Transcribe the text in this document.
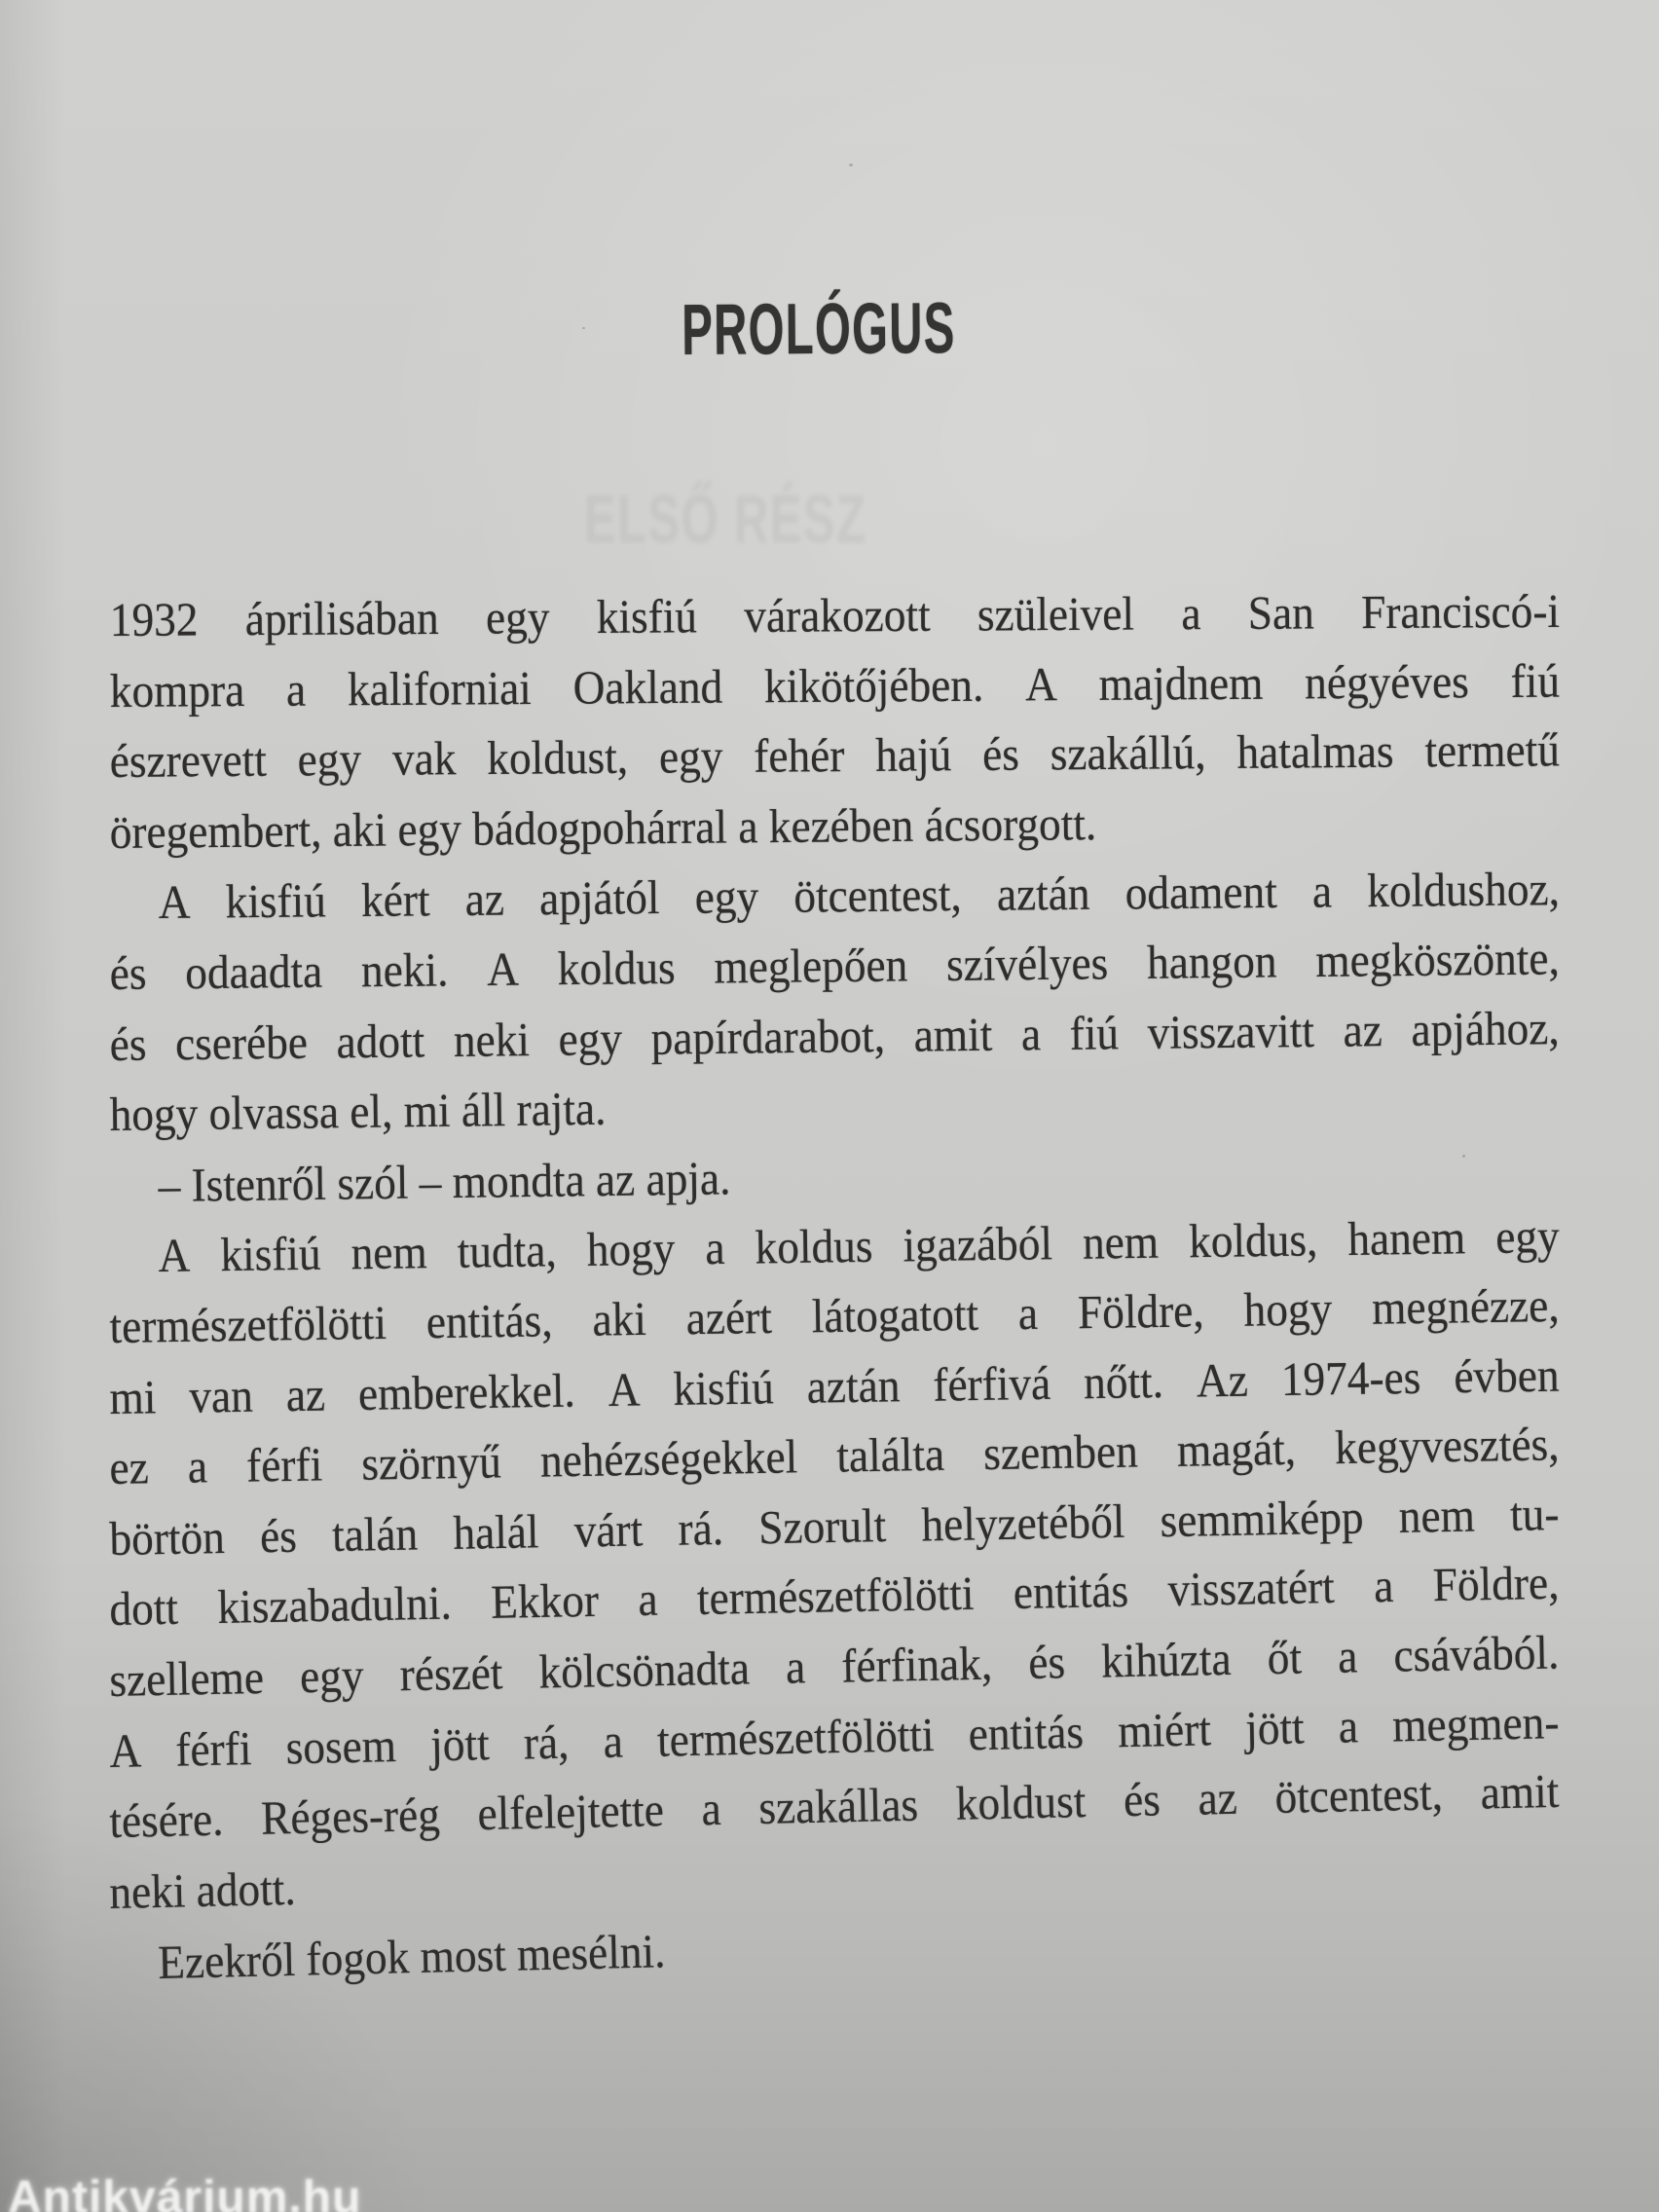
PROLÓGUS
ELSŐ RÉSZ
1932 áprilisában egy kisfiú várakozott szüleivel a San Franciscó-i
kompra a kaliforniai Oakland kikötőjében. A majdnem négyéves fiú
észrevett egy vak koldust, egy fehér hajú és szakállú, hatalmas termetű
öregembert, aki egy bádogpohárral a kezében ácsorgott.
A kisfiú kért az apjától egy ötcentest, aztán odament a koldushoz,
és odaadta neki. A koldus meglepően szívélyes hangon megköszönte,
és cserébe adott neki egy papírdarabot, amit a fiú visszavitt az apjához,
hogy olvassa el, mi áll rajta.
– Istenről szól – mondta az apja.
A kisfiú nem tudta, hogy a koldus igazából nem koldus, hanem egy
természetfölötti entitás, aki azért látogatott a Földre, hogy megnézze,
mi van az emberekkel. A kisfiú aztán férfivá nőtt. Az 1974-es évben
ez a férfi szörnyű nehézségekkel találta szemben magát, kegyvesztés,
börtön és talán halál várt rá. Szorult helyzetéből semmiképp nem tu-
dott kiszabadulni. Ekkor a természetfölötti entitás visszatért a Földre,
szelleme egy részét kölcsönadta a férfinak, és kihúzta őt a csávából.
A férfi sosem jött rá, a természetfölötti entitás miért jött a megmen-
tésére. Réges-rég elfelejtette a szakállas koldust és az ötcentest, amit
neki adott.
Ezekről fogok most mesélni.
Antikvárium.hu
